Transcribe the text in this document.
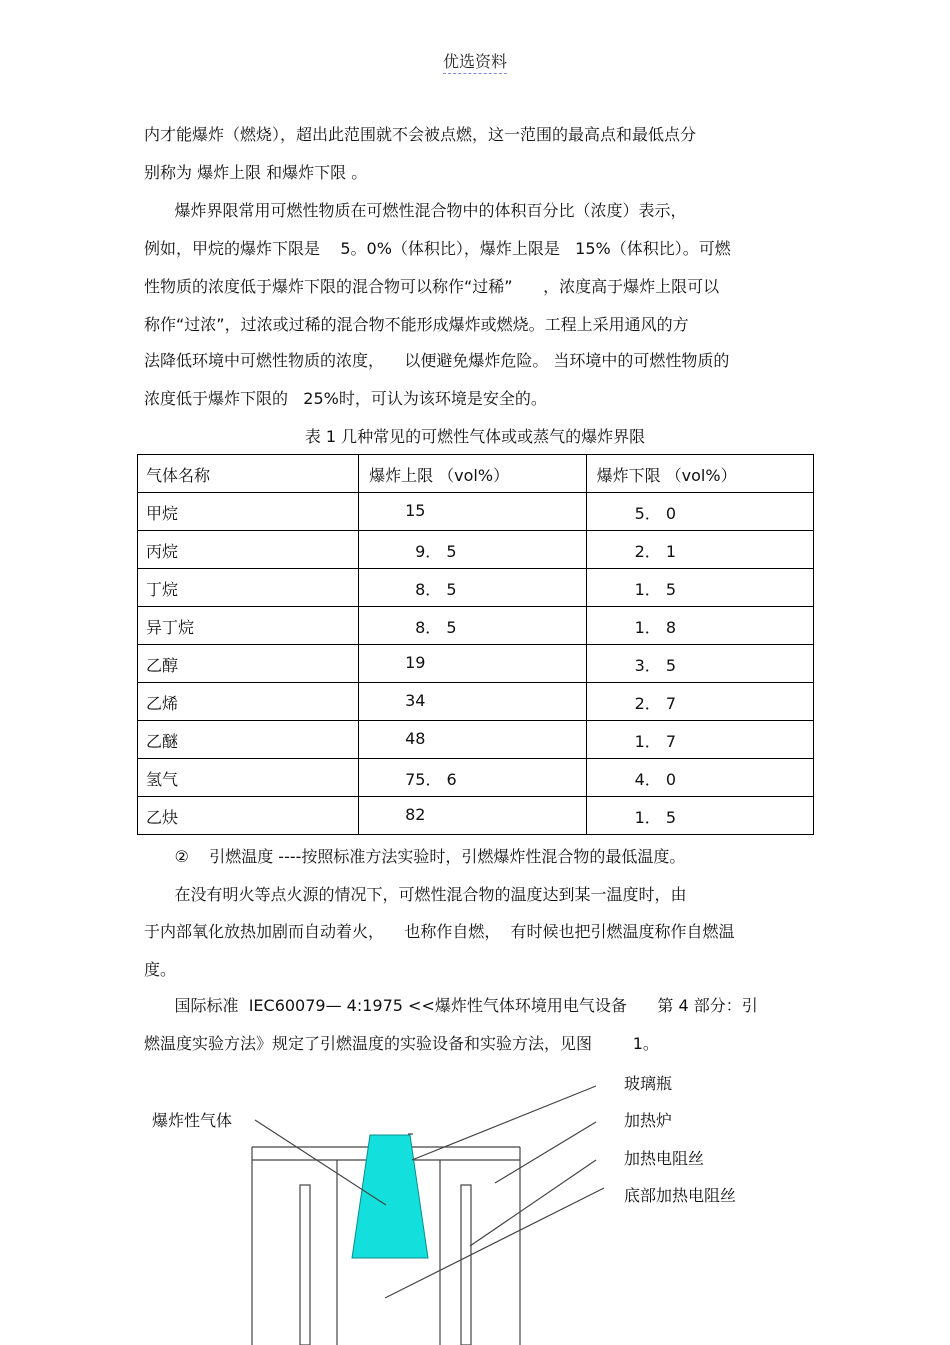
优选资料
内才能爆炸（燃烧），超出此范围就不会被点燃，这一范围的最高点和最低点分
别称为 爆炸上限 和爆炸下限 。
爆炸界限常用可燃性物质在可燃性混合物中的体积百分比（浓度）表示，
例如，甲烷的爆炸下限是    5。0%（体积比），爆炸上限是   15%（体积比）。可燃
性物质的浓度低于爆炸下限的混合物可以称作“过稀”      ，浓度高于爆炸上限可以
称作“过浓”，过浓或过稀的混合物不能形成爆炸或燃烧。工程上采用通风的方
法降低环境中可燃性物质的浓度，    以便避免爆炸危险。 当环境中的可燃性物质的
浓度低于爆炸下限的   25%时，可认为该环境是安全的。
表 1 几种常见的可燃性气体或或蒸气的爆炸界限
气体名称	爆炸上限 （vol%）	爆炸下限 （vol%）

甲烷	15	5． 0

丙烷	9． 5	2． 1

丁烷	8． 5	1． 5

异丁烷	8． 5	1． 8

乙醇	19	3． 5

乙烯	34	2． 7

乙醚	48	1． 7

氢气	75． 6	4． 0

乙炔	82	1． 5
②    引燃温度 ----按照标准方法实验时，引燃爆炸性混合物的最低温度。
在没有明火等点火源的情况下，可燃性混合物的温度达到某一温度时，由
于内部氧化放热加剧而自动着火，    也称作自燃，  有时候也把引燃温度称作自燃温
度。
国际标准  IEC60079— 4:1975 <<爆炸性气体环境用电气设备      第 4 部分：引
燃温度实验方法》规定了引燃温度的实验设备和实验方法，见图        1。
爆炸性气体
玻璃瓶
加热炉
加热电阻丝
底部加热电阻丝
